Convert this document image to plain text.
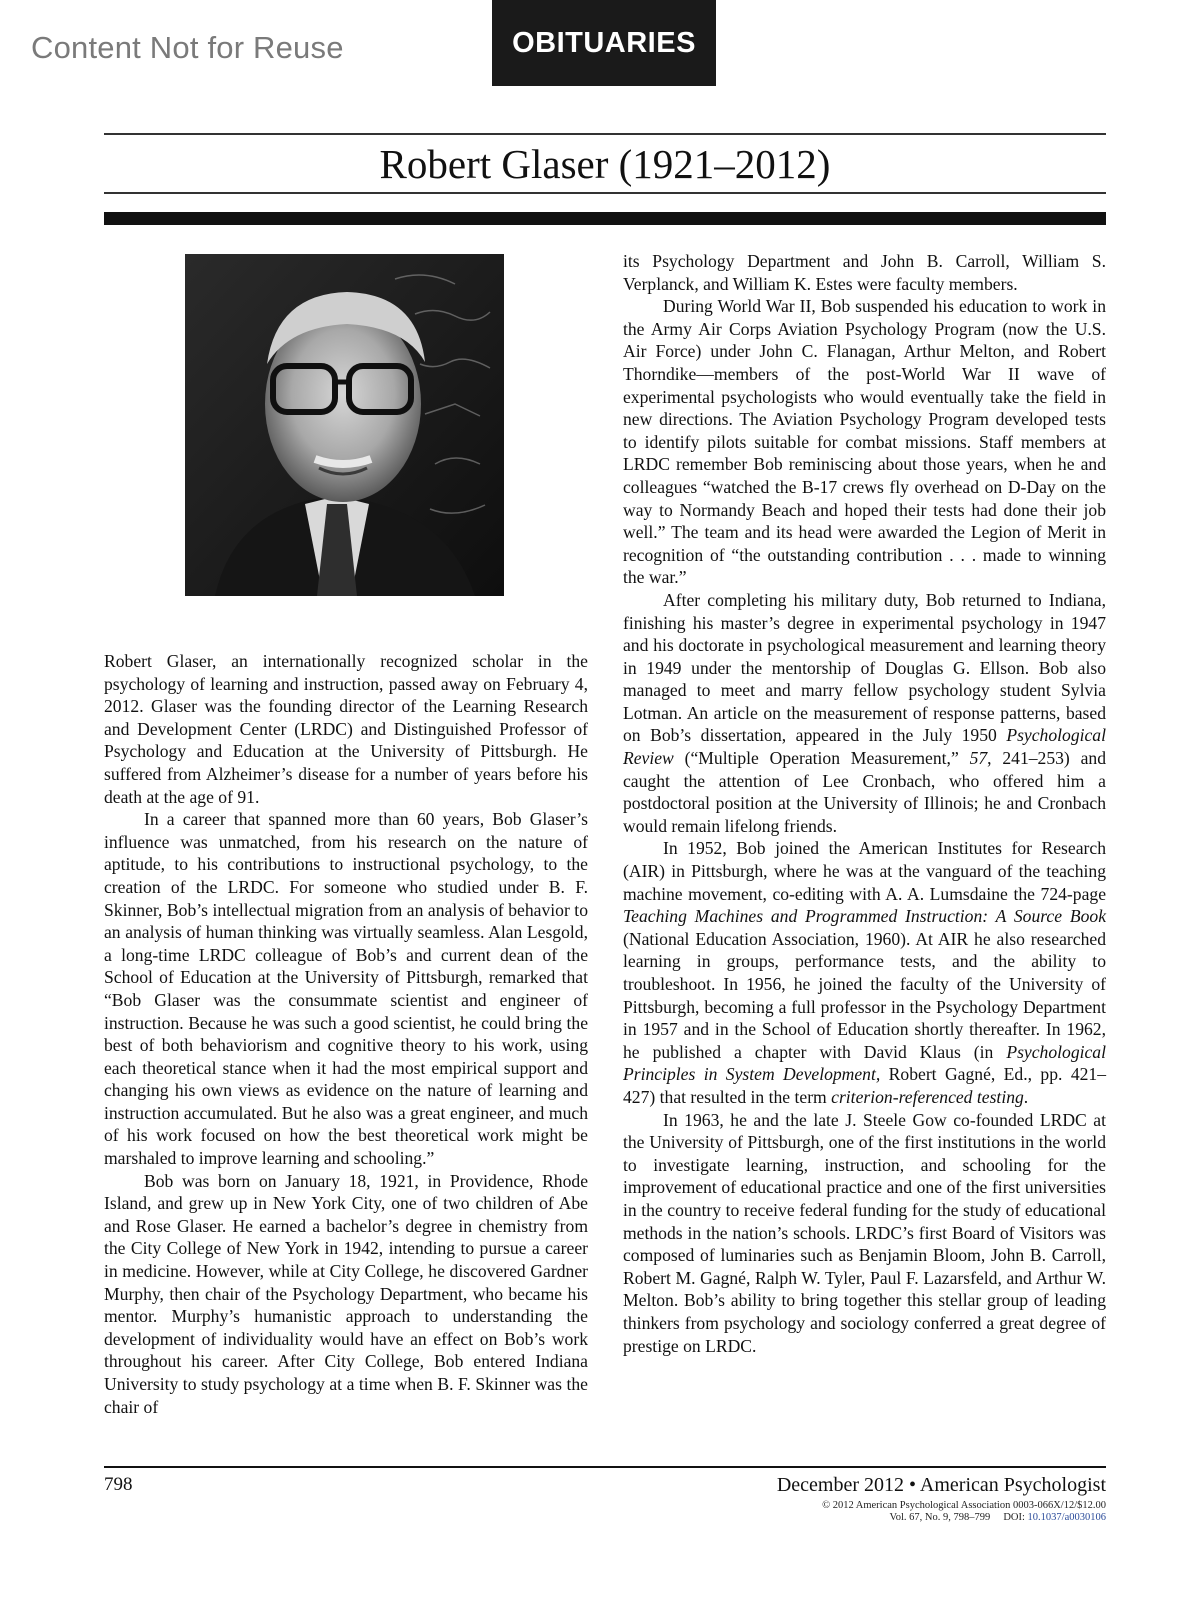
Content Not for Reuse	OBITUARIES
Robert Glaser (1921–2012)

Robert Glaser, an internationally recognized scholar in the psychology of learning and instruction, passed away on February 4, 2012. Glaser was the founding director of the Learning Research and Development Center (LRDC) and Distinguished Professor of Psychology and Education at the University of Pittsburgh. He suffered from Alzheimer’s disease for a number of years before his death at the age of 91.

In a career that spanned more than 60 years, Bob Glaser’s influence was unmatched, from his research on the nature of aptitude, to his contributions to instructional psychology, to the creation of the LRDC. For someone who studied under B. F. Skinner, Bob’s intellectual migration from an analysis of behavior to an analysis of human thinking was virtually seamless. Alan Lesgold, a long-time LRDC colleague of Bob’s and current dean of the School of Education at the University of Pittsburgh, remarked that “Bob Glaser was the consummate scientist and engineer of instruction. Because he was such a good scientist, he could bring the best of both behaviorism and cognitive theory to his work, using each theoretical stance when it had the most empirical support and changing his own views as evidence on the nature of learning and instruction accumulated. But he also was a great engineer, and much of his work focused on how the best theoretical work might be marshaled to improve learning and schooling.”

Bob was born on January 18, 1921, in Providence, Rhode Island, and grew up in New York City, one of two children of Abe and Rose Glaser. He earned a bachelor’s degree in chemistry from the City College of New York in 1942, intending to pursue a career in medicine. However, while at City College, he discovered Gardner Murphy, then chair of the Psychology Department, who became his mentor. Murphy’s humanistic approach to understanding the development of individuality would have an effect on Bob’s work throughout his career. After City College, Bob entered Indiana University to study psychology at a time when B. F. Skinner was the chair of

its Psychology Department and John B. Carroll, William S. Verplanck, and William K. Estes were faculty members.

During World War II, Bob suspended his education to work in the Army Air Corps Aviation Psychology Program (now the U.S. Air Force) under John C. Flanagan, Arthur Melton, and Robert Thorndike—members of the post-World War II wave of experimental psychologists who would eventually take the field in new directions. The Aviation Psychology Program developed tests to identify pilots suitable for combat missions. Staff members at LRDC remember Bob reminiscing about those years, when he and colleagues “watched the B-17 crews fly overhead on D-Day on the way to Normandy Beach and hoped their tests had done their job well.” The team and its head were awarded the Legion of Merit in recognition of “the outstanding contribution . . . made to winning the war.”

After completing his military duty, Bob returned to Indiana, finishing his master’s degree in experimental psychology in 1947 and his doctorate in psychological measurement and learning theory in 1949 under the mentorship of Douglas G. Ellson. Bob also managed to meet and marry fellow psychology student Sylvia Lotman. An article on the measurement of response patterns, based on Bob’s dissertation, appeared in the July 1950 Psychological Review (“Multiple Operation Measurement,” 57, 241–253) and caught the attention of Lee Cronbach, who offered him a postdoctoral position at the University of Illinois; he and Cronbach would remain lifelong friends.

In 1952, Bob joined the American Institutes for Research (AIR) in Pittsburgh, where he was at the vanguard of the teaching machine movement, co-editing with A. A. Lumsdaine the 724-page Teaching Machines and Programmed Instruction: A Source Book (National Education Association, 1960). At AIR he also researched learning in groups, performance tests, and the ability to troubleshoot. In 1956, he joined the faculty of the University of Pittsburgh, becoming a full professor in the Psychology Department in 1957 and in the School of Education shortly thereafter. In 1962, he published a chapter with David Klaus (in Psychological Principles in System Development, Robert Gagné, Ed., pp. 421–427) that resulted in the term criterion-referenced testing.

In 1963, he and the late J. Steele Gow co-founded LRDC at the University of Pittsburgh, one of the first institutions in the world to investigate learning, instruction, and schooling for the improvement of educational practice and one of the first universities in the country to receive federal funding for the study of educational methods in the nation’s schools. LRDC’s first Board of Visitors was composed of luminaries such as Benjamin Bloom, John B. Carroll, Robert M. Gagné, Ralph W. Tyler, Paul F. Lazarsfeld, and Arthur W. Melton. Bob’s ability to bring together this stellar group of leading thinkers from psychology and sociology conferred a great degree of prestige on LRDC.

798	December 2012 • American Psychologist
© 2012 American Psychological Association 0003-066X/12/$12.00
Vol. 67, No. 9, 798–799 DOI: 10.1037/a0030106
